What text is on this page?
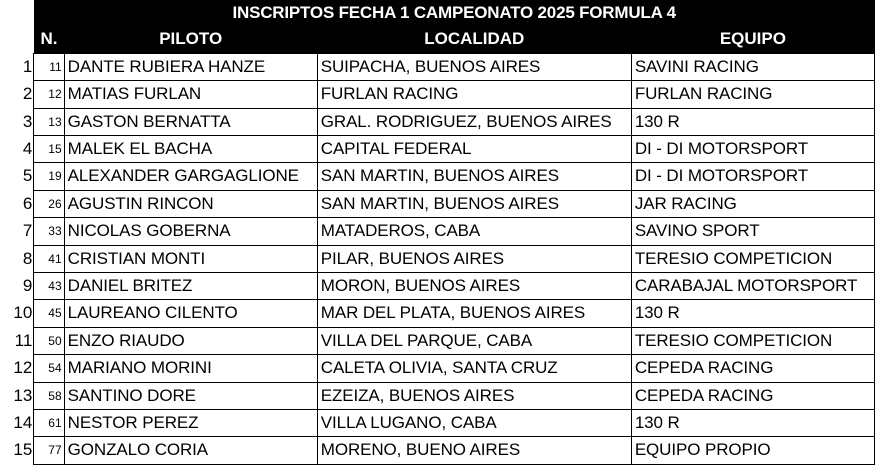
	INSCRIPTOS FECHA 1 CAMPEONATO 2025 FORMULA 4			
	N.	PILOTO	LOCALIDAD	EQUIPO
1	11	DANTE RUBIERA HANZE	SUIPACHA, BUENOS AIRES	SAVINI RACING
2	12	MATIAS FURLAN	FURLAN RACING	FURLAN RACING
3	13	GASTON BERNATTA	GRAL. RODRIGUEZ, BUENOS AIRES	130 R
4	15	MALEK EL BACHA	CAPITAL FEDERAL	DI - DI MOTORSPORT
5	19	ALEXANDER GARGAGLIONE	SAN MARTIN, BUENOS AIRES	DI - DI MOTORSPORT
6	26	AGUSTIN RINCON	SAN MARTIN, BUENOS AIRES	JAR RACING
7	33	NICOLAS GOBERNA	MATADEROS, CABA	SAVINO SPORT
8	41	CRISTIAN MONTI	PILAR, BUENOS AIRES	TERESIO COMPETICION
9	43	DANIEL BRITEZ	MORON, BUENOS AIRES	CARABAJAL MOTORSPORT
10	45	LAUREANO CILENTO	MAR DEL PLATA, BUENOS AIRES	130 R
11	50	ENZO RIAUDO	VILLA DEL PARQUE, CABA	TERESIO COMPETICION
12	54	MARIANO MORINI	CALETA OLIVIA, SANTA CRUZ	CEPEDA RACING
13	58	SANTINO DORE	EZEIZA, BUENOS AIRES	CEPEDA RACING
14	61	NESTOR PEREZ	VILLA LUGANO, CABA	130 R
15	77	GONZALO CORIA	MORENO, BUENO AIRES	EQUIPO PROPIO
